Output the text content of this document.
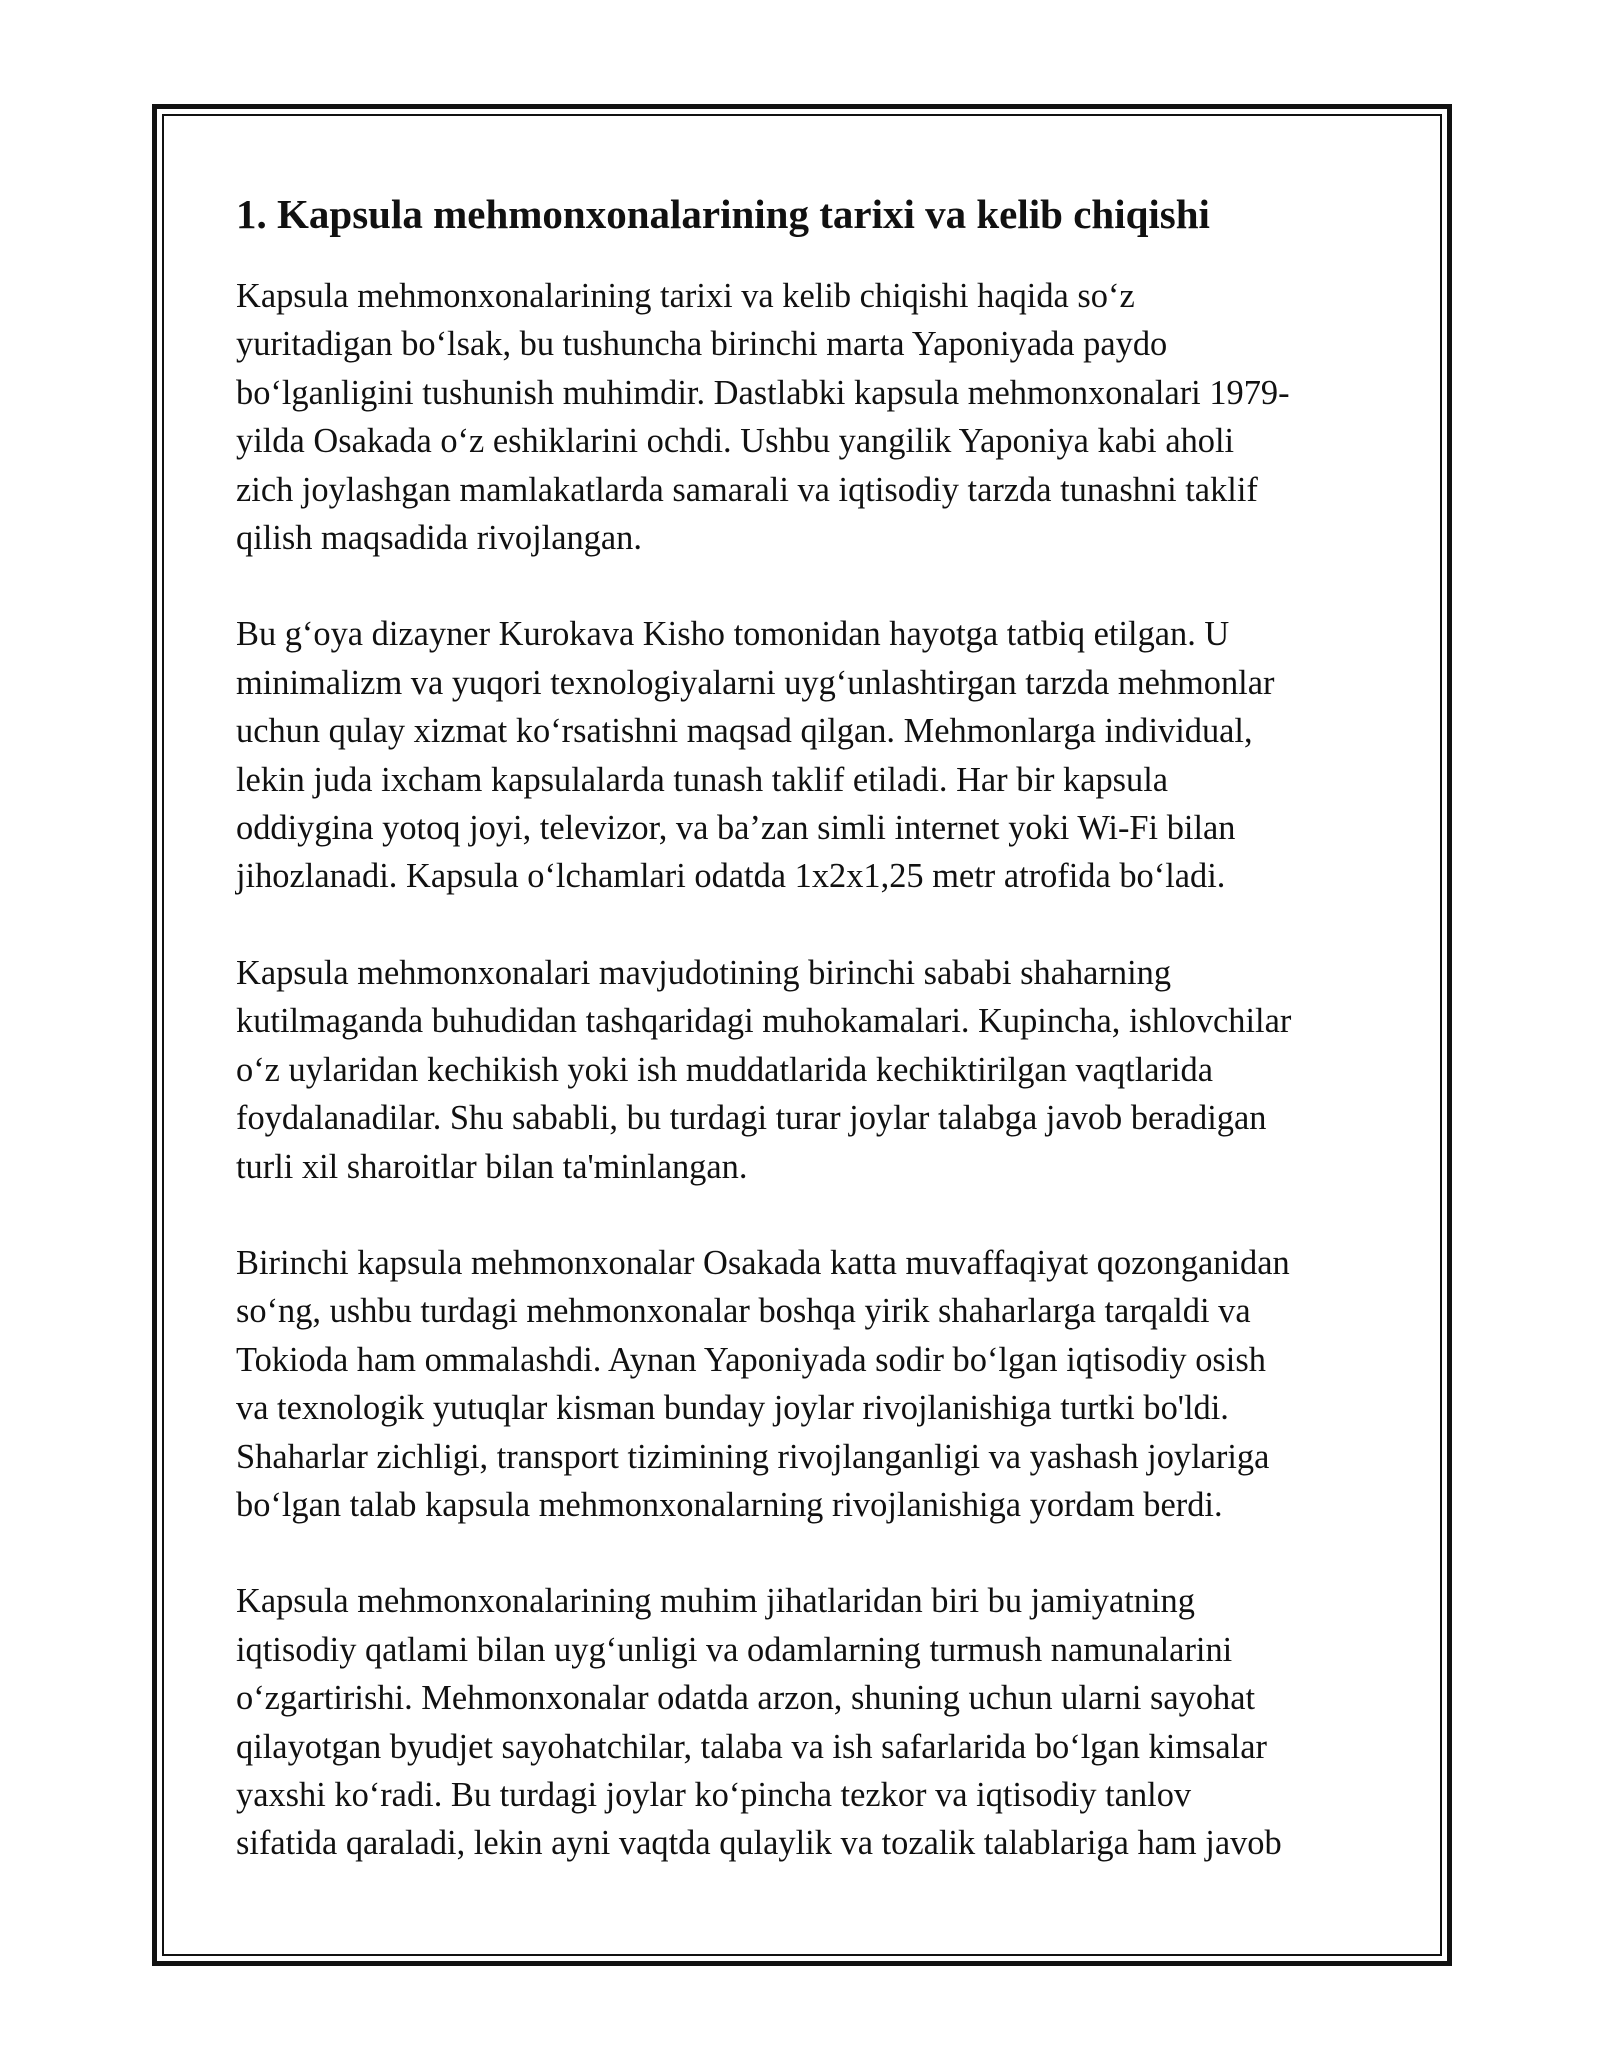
1. Kapsula mehmonxonalarining tarixi va kelib chiqishi

Kapsula mehmonxonalarining tarixi va kelib chiqishi haqida so‘z
yuritadigan bo‘lsak, bu tushuncha birinchi marta Yaponiyada paydo
bo‘lganligini tushunish muhimdir. Dastlabki kapsula mehmonxonalari 1979-
yilda Osakada o‘z eshiklarini ochdi. Ushbu yangilik Yaponiya kabi aholi
zich joylashgan mamlakatlarda samarali va iqtisodiy tarzda tunashni taklif
qilish maqsadida rivojlangan.

Bu g‘oya dizayner Kurokava Kisho tomonidan hayotga tatbiq etilgan. U
minimalizm va yuqori texnologiyalarni uyg‘unlashtirgan tarzda mehmonlar
uchun qulay xizmat ko‘rsatishni maqsad qilgan. Mehmonlarga individual,
lekin juda ixcham kapsulalarda tunash taklif etiladi. Har bir kapsula
oddiygina yotoq joyi, televizor, va ba’zan simli internet yoki Wi-Fi bilan
jihozlanadi. Kapsula o‘lchamlari odatda 1x2x1,25 metr atrofida bo‘ladi.

Kapsula mehmonxonalari mavjudotining birinchi sababi shaharning
kutilmaganda buhudidan tashqaridagi muhokamalari. Kupincha, ishlovchilar
o‘z uylaridan kechikish yoki ish muddatlarida kechiktirilgan vaqtlarida
foydalanadilar. Shu sababli, bu turdagi turar joylar talabga javob beradigan
turli xil sharoitlar bilan ta'minlangan.

Birinchi kapsula mehmonxonalar Osakada katta muvaffaqiyat qozonganidan
so‘ng, ushbu turdagi mehmonxonalar boshqa yirik shaharlarga tarqaldi va
Tokioda ham ommalashdi. Aynan Yaponiyada sodir bo‘lgan iqtisodiy osish
va texnologik yutuqlar kisman bunday joylar rivojlanishiga turtki bo'ldi.
Shaharlar zichligi, transport tizimining rivojlanganligi va yashash joylariga
bo‘lgan talab kapsula mehmonxonalarning rivojlanishiga yordam berdi.

Kapsula mehmonxonalarining muhim jihatlaridan biri bu jamiyatning
iqtisodiy qatlami bilan uyg‘unligi va odamlarning turmush namunalarini
o‘zgartirishi. Mehmonxonalar odatda arzon, shuning uchun ularni sayohat
qilayotgan byudjet sayohatchilar, talaba va ish safarlarida bo‘lgan kimsalar
yaxshi ko‘radi. Bu turdagi joylar ko‘pincha tezkor va iqtisodiy tanlov
sifatida qaraladi, lekin ayni vaqtda qulaylik va tozalik talablariga ham javob
